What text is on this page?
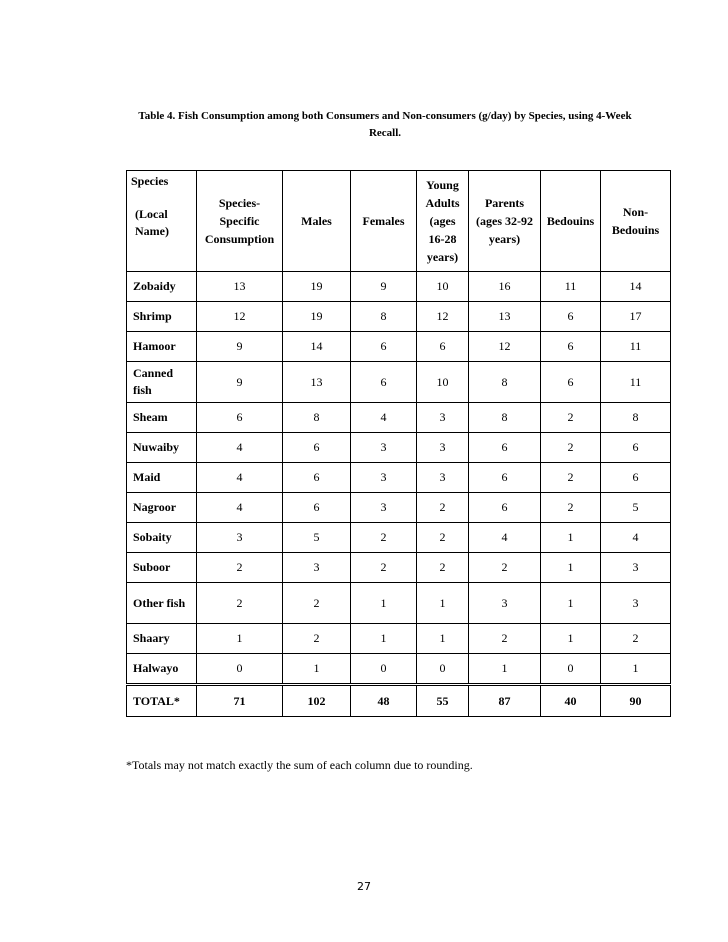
Table 4. Fish Consumption among both Consumers and Non-consumers (g/day) by Species, using 4-Week Recall.
Species
(Local Name)	Species-Specific Consumption	Males	Females	Young Adults (ages 16-28 years)	Parents (ages 32-92 years)	Bedouins	Non-Bedouins
Zobaidy	13	19	9	10	16	11	14
Shrimp	12	19	8	12	13	6	17
Hamoor	9	14	6	6	12	6	11
Canned fish	9	13	6	10	8	6	11
Sheam	6	8	4	3	8	2	8
Nuwaiby	4	6	3	3	6	2	6
Maid	4	6	3	3	6	2	6
Nagroor	4	6	3	2	6	2	5
Sobaity	3	5	2	2	4	1	4
Suboor	2	3	2	2	2	1	3
Other fish	2	2	1	1	3	1	3
Shaary	1	2	1	1	2	1	2
Halwayo	0	1	0	0	1	0	1
TOTAL*	71	102	48	55	87	40	90
*Totals may not match exactly the sum of each column due to rounding.
27
